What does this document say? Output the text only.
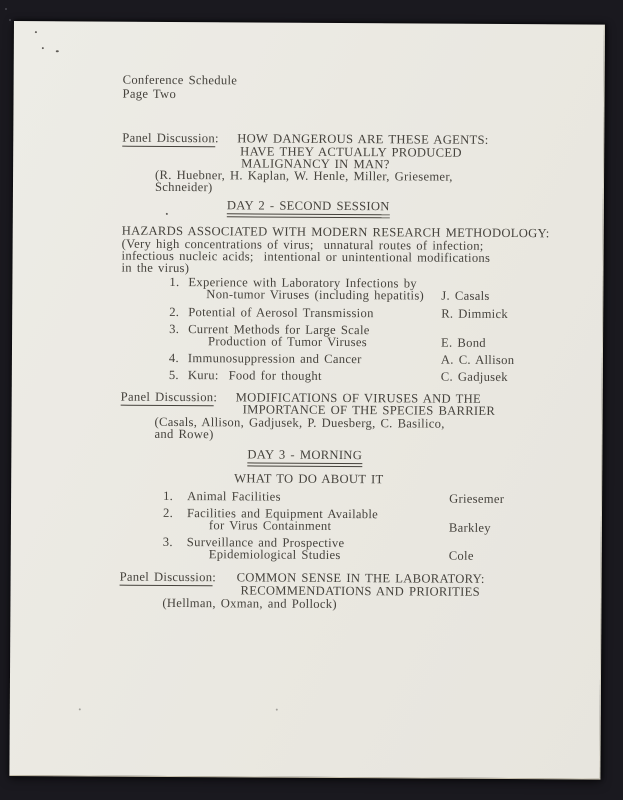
Conference Schedule
Page Two
Panel Discussion: HOW DANGEROUS ARE THESE AGENTS:
HAVE THEY ACTUALLY PRODUCED
MALIGNANCY IN MAN?
(R. Huebner, H. Kaplan, W. Henle, Miller, Griesemer,
Schneider)
DAY 2 - SECOND SESSION
HAZARDS ASSOCIATED WITH MODERN RESEARCH METHODOLOGY:
(Very high concentrations of virus;  unnatural routes of infection;
infectious nucleic acids;  intentional or unintentional modifications
in the virus)
1. Experience with Laboratory Infections by
Non-tumor Viruses (including hepatitis) J. Casals
2. Potential of Aerosol Transmission	R. Dimmick
3. Current Methods for Large Scale
Production of Tumor Viruses	E. Bond
4. Immunosuppression and Cancer	A. C. Allison
5. Kuru:  Food for thought	C. Gadjusek
Panel Discussion: MODIFICATIONS OF VIRUSES AND THE
IMPORTANCE OF THE SPECIES BARRIER
(Casals, Allison, Gadjusek, P. Duesberg, C. Basilico,
and Rowe)
DAY 3 - MORNING
WHAT TO DO ABOUT IT
1. Animal Facilities	Griesemer
2. Facilities and Equipment Available
for Virus Containment	Barkley
3. Surveillance and Prospective
Epidemiological Studies	Cole
Panel Discussion: COMMON SENSE IN THE LABORATORY:
RECOMMENDATIONS AND PRIORITIES
(Hellman, Oxman, and Pollock)
